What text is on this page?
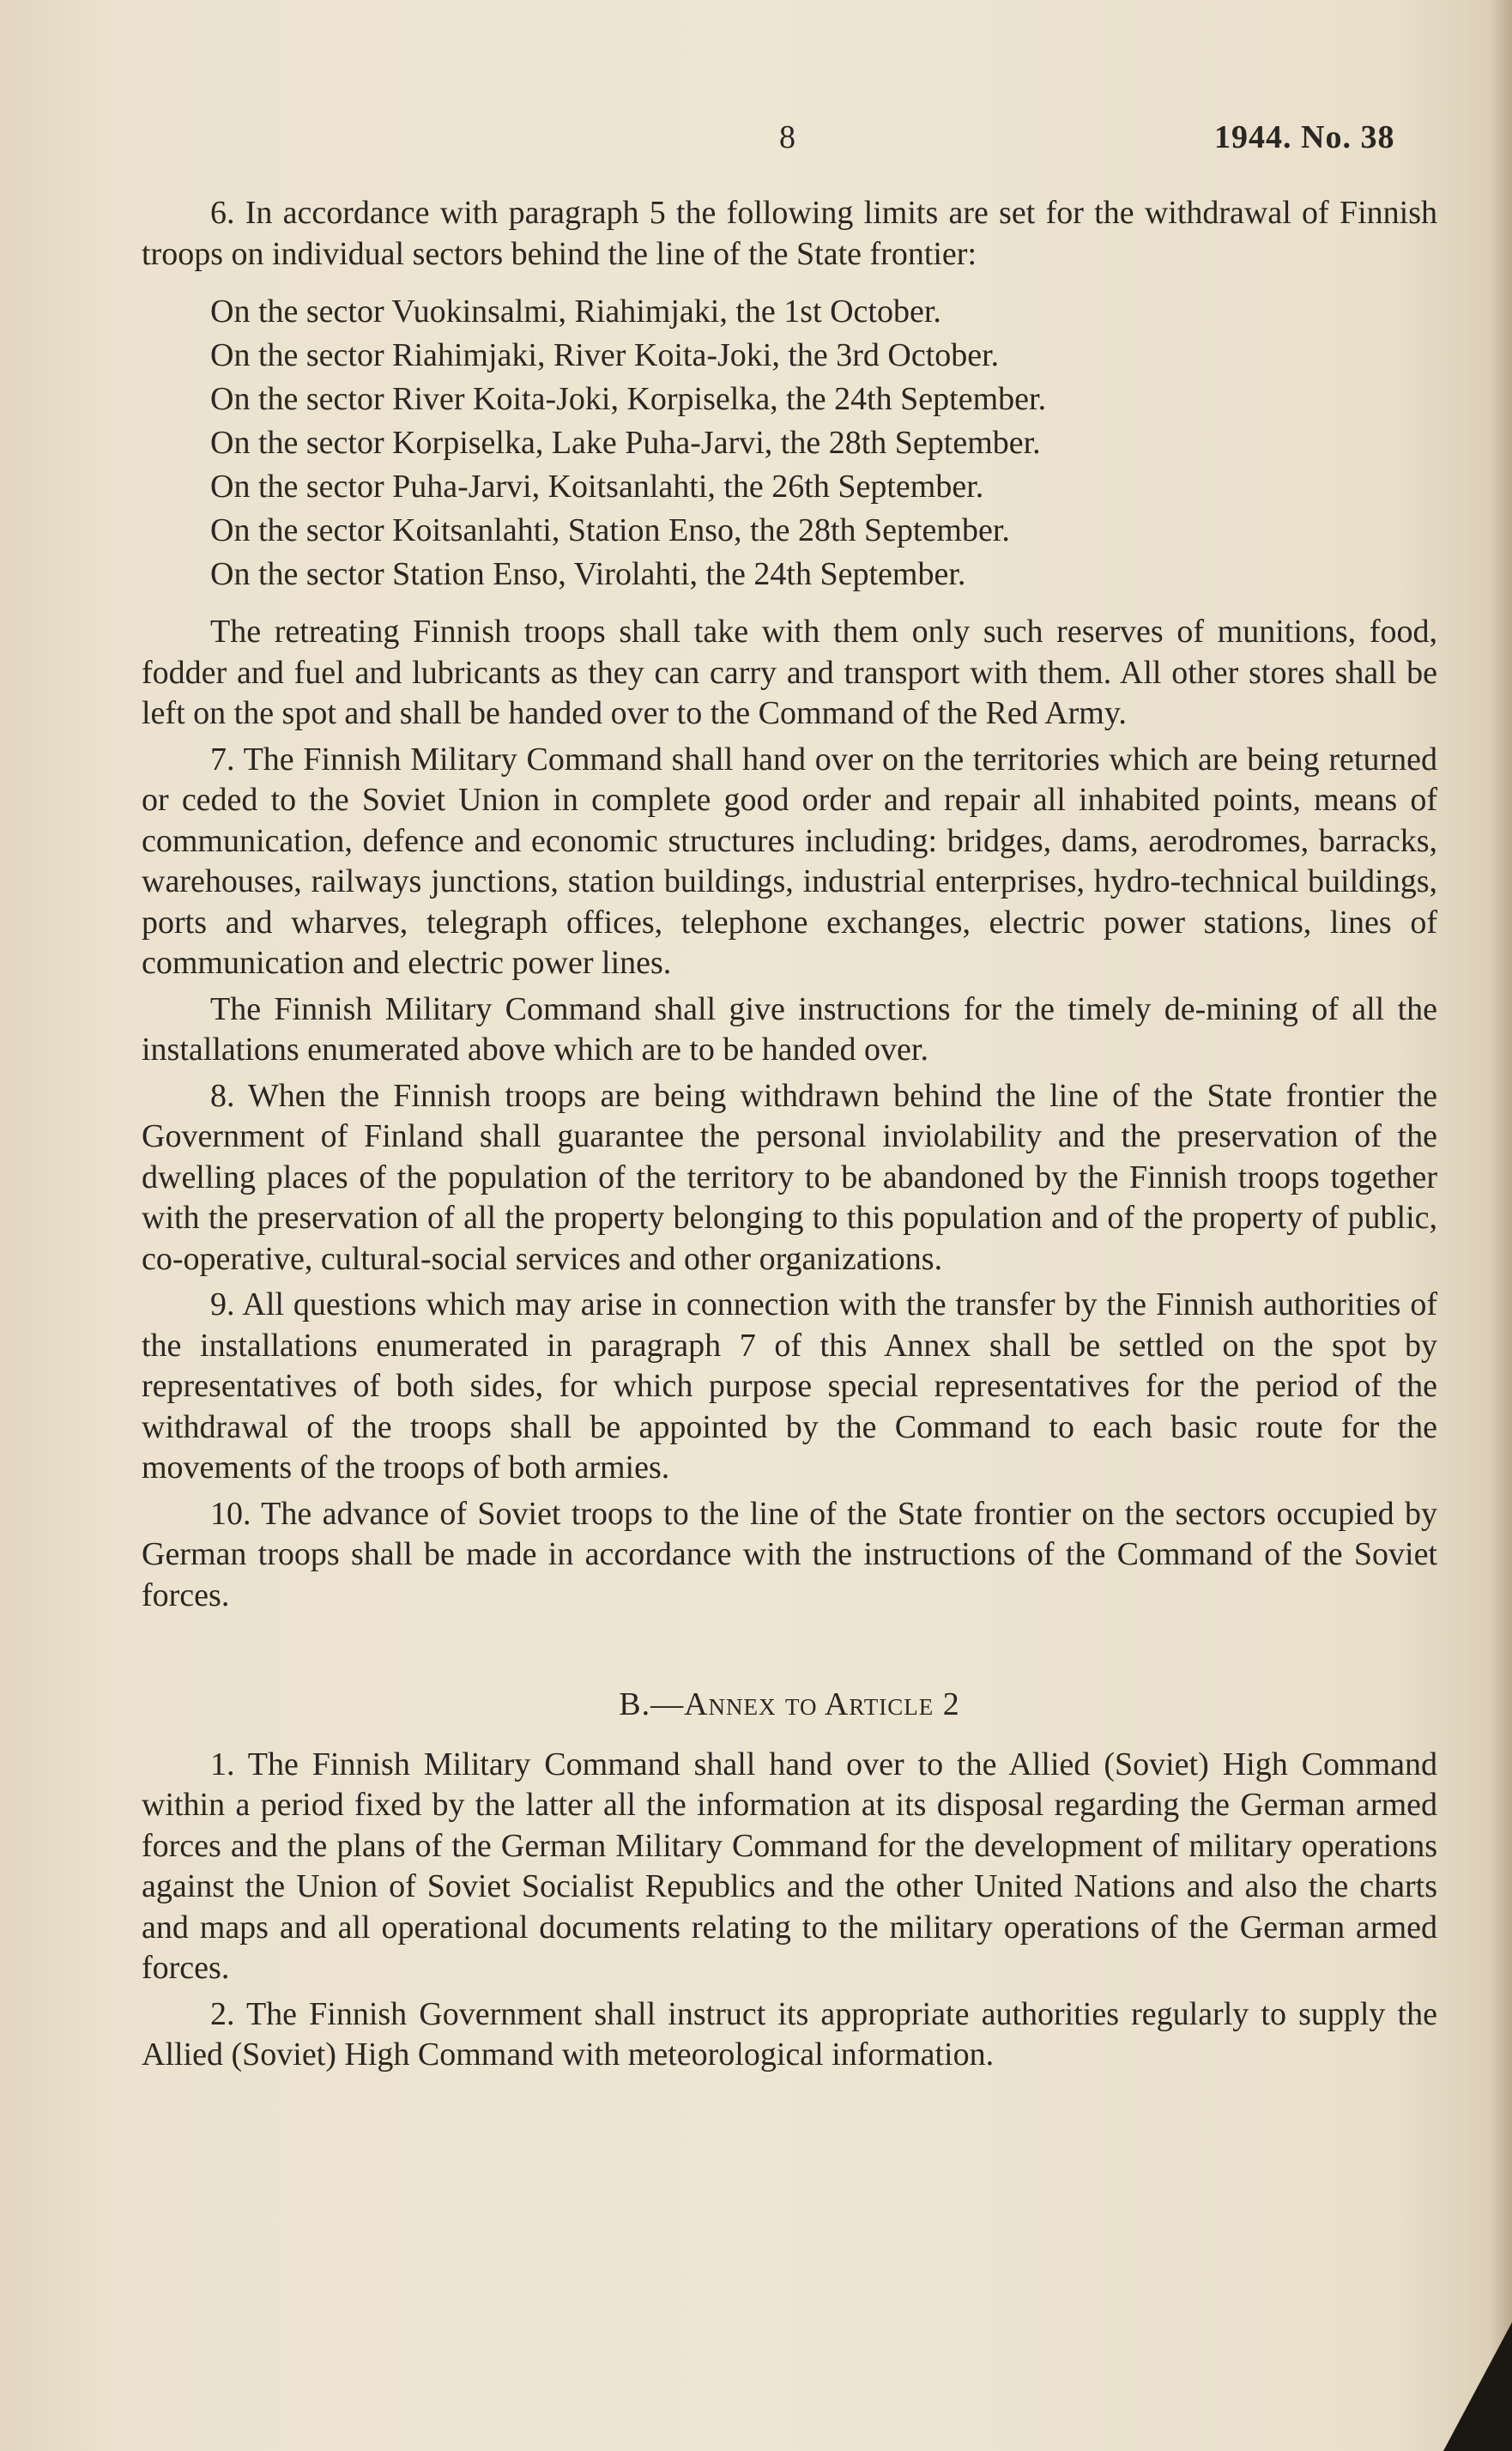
8	1944. No. 38

6. In accordance with paragraph 5 the following limits are set for the withdrawal of Finnish troops on individual sectors behind the line of the State frontier:

On the sector Vuokinsalmi, Riahimjaki, the 1st October.
On the sector Riahimjaki, River Koita-Joki, the 3rd October.
On the sector River Koita-Joki, Korpiselka, the 24th September.
On the sector Korpiselka, Lake Puha-Jarvi, the 28th September.
On the sector Puha-Jarvi, Koitsanlahti, the 26th September.
On the sector Koitsanlahti, Station Enso, the 28th September.
On the sector Station Enso, Virolahti, the 24th September.

The retreating Finnish troops shall take with them only such reserves of munitions, food, fodder and fuel and lubricants as they can carry and transport with them. All other stores shall be left on the spot and shall be handed over to the Command of the Red Army.

7. The Finnish Military Command shall hand over on the territories which are being returned or ceded to the Soviet Union in complete good order and repair all inhabited points, means of communication, defence and economic structures including: bridges, dams, aerodromes, barracks, warehouses, railways junctions, station buildings, industrial enterprises, hydro-technical buildings, ports and wharves, telegraph offices, telephone exchanges, electric power stations, lines of communication and electric power lines.

The Finnish Military Command shall give instructions for the timely de-mining of all the installations enumerated above which are to be handed over.

8. When the Finnish troops are being withdrawn behind the line of the State frontier the Government of Finland shall guarantee the personal inviolability and the preservation of the dwelling places of the population of the territory to be abandoned by the Finnish troops together with the preservation of all the property belonging to this population and of the property of public, co-operative, cultural-social services and other organizations.

9. All questions which may arise in connection with the transfer by the Finnish authorities of the installations enumerated in paragraph 7 of this Annex shall be settled on the spot by representatives of both sides, for which purpose special representatives for the period of the withdrawal of the troops shall be appointed by the Command to each basic route for the movements of the troops of both armies.

10. The advance of Soviet troops to the line of the State frontier on the sectors occupied by German troops shall be made in accordance with the instructions of the Command of the Soviet forces.

B.—Annex to Article 2

1. The Finnish Military Command shall hand over to the Allied (Soviet) High Command within a period fixed by the latter all the information at its disposal regarding the German armed forces and the plans of the German Military Command for the development of military operations against the Union of Soviet Socialist Republics and the other United Nations and also the charts and maps and all operational documents relating to the military operations of the German armed forces.

2. The Finnish Government shall instruct its appropriate authorities regularly to supply the Allied (Soviet) High Command with meteorological information.
